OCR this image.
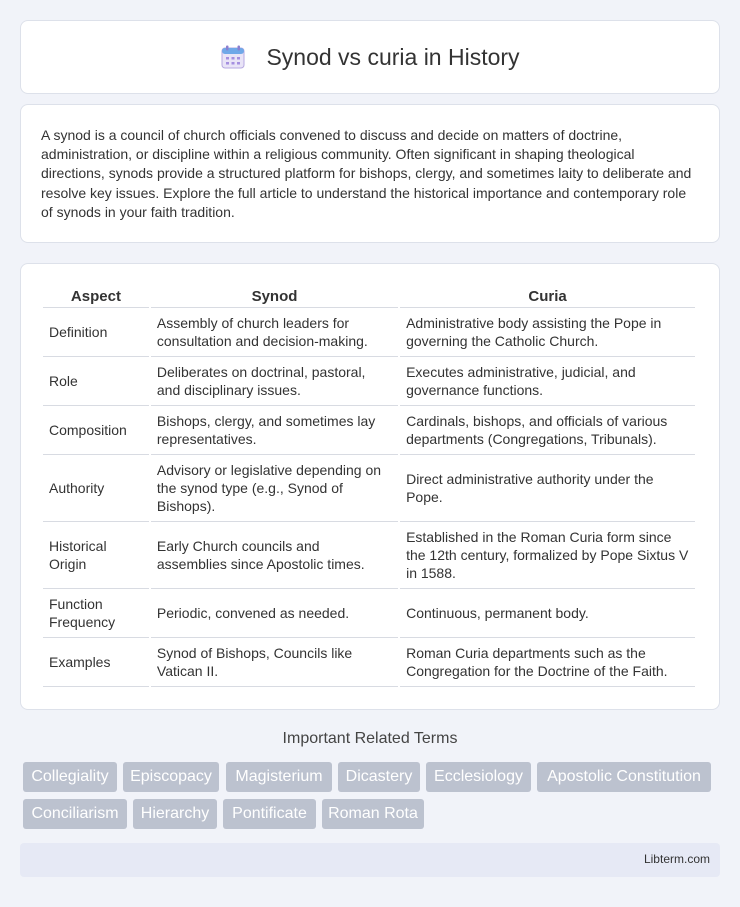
Synod vs curia in History

A synod is a council of church officials convened to discuss and decide on matters of doctrine, administration, or discipline within a religious community. Often significant in shaping theological directions, synods provide a structured platform for bishops, clergy, and sometimes laity to deliberate and resolve key issues. Explore the full article to understand the historical importance and contemporary role of synods in your faith tradition.

Aspect	Synod	Curia
Definition	Assembly of church leaders for consultation and decision-making.	Administrative body assisting the Pope in governing the Catholic Church.
Role	Deliberates on doctrinal, pastoral, and disciplinary issues.	Executes administrative, judicial, and governance functions.
Composition	Bishops, clergy, and sometimes lay representatives.	Cardinals, bishops, and officials of various departments (Congregations, Tribunals).
Authority	Advisory or legislative depending on the synod type (e.g., Synod of Bishops).	Direct administrative authority under the Pope.
Historical Origin	Early Church councils and assemblies since Apostolic times.	Established in the Roman Curia form since the 12th century, formalized by Pope Sixtus V in 1588.
Function Frequency	Periodic, convened as needed.	Continuous, permanent body.
Examples	Synod of Bishops, Councils like Vatican II.	Roman Curia departments such as the Congregation for the Doctrine of the Faith.
Important Related Terms
Collegiality	Episcopacy	Magisterium	Dicastery	Ecclesiology	Apostolic Constitution
Conciliarism	Hierarchy	Pontificate	Roman Rota
Libterm.com
